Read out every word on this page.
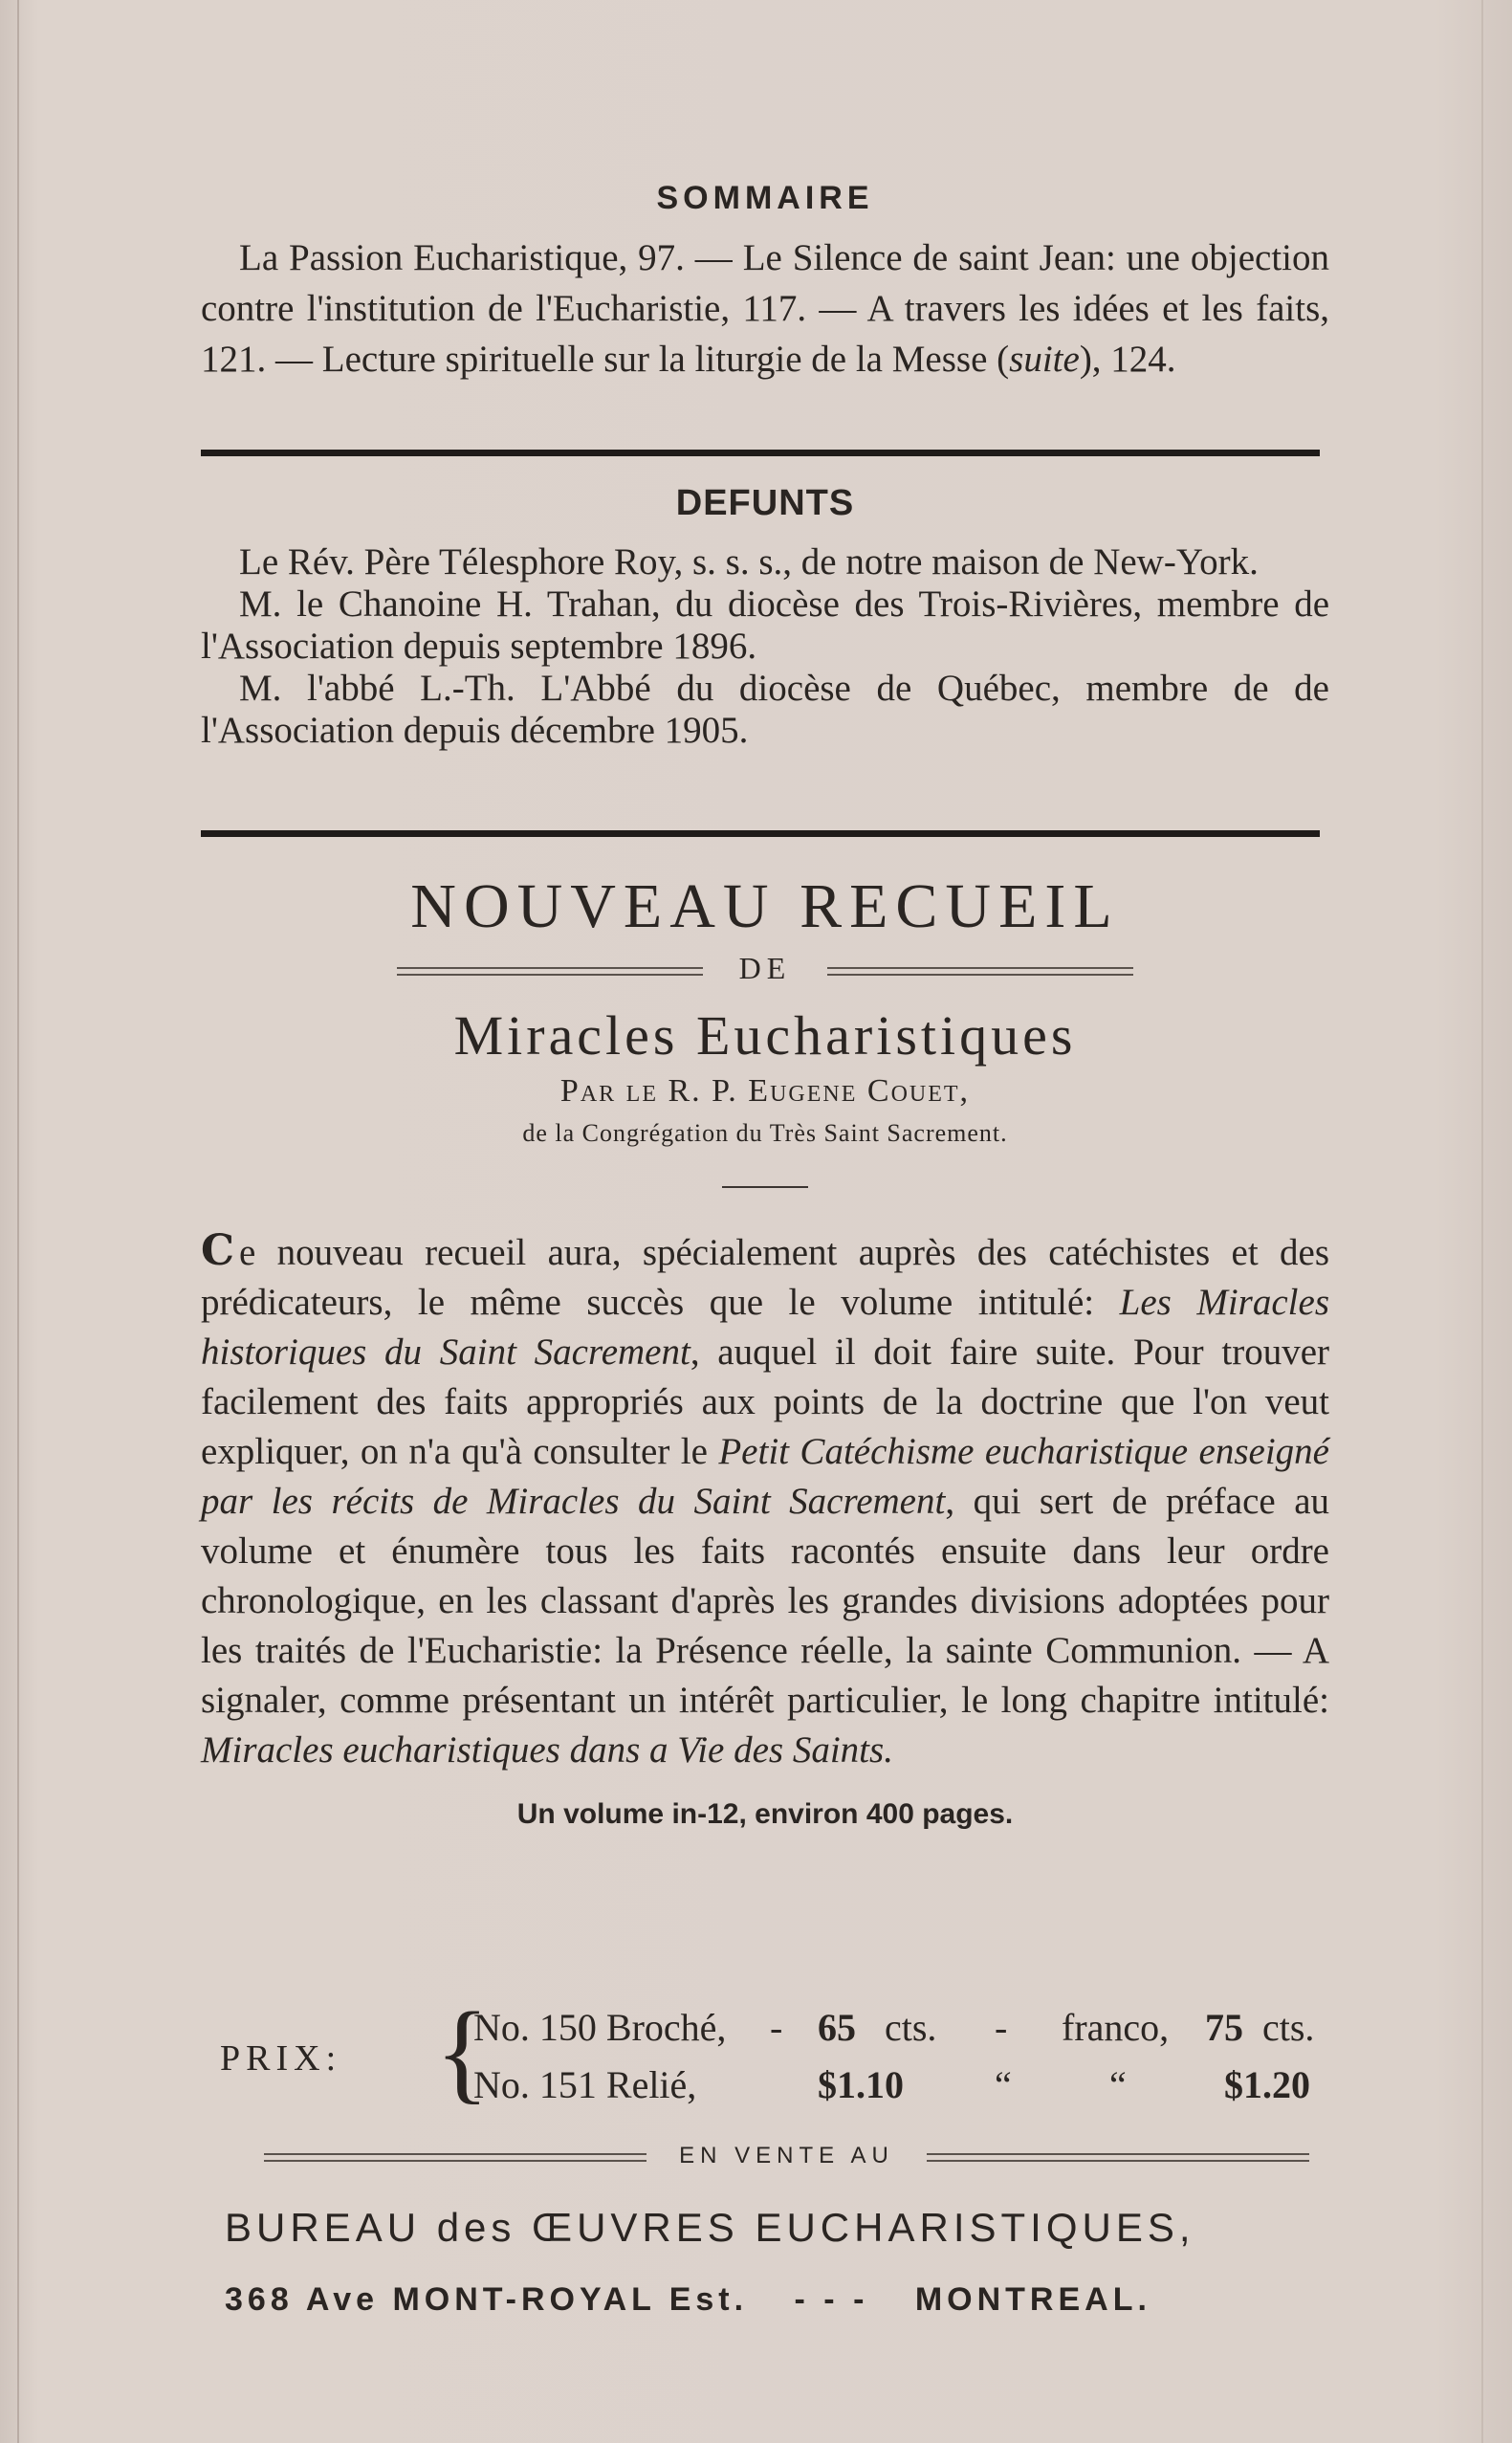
SOMMAIRE
La Passion Eucharistique, 97. — Le Silence de saint Jean: une objection contre l'institution de l'Eucharistie, 117. — A travers les idées et les faits, 121. — Lecture spirituelle sur la liturgie de la Messe (suite), 124.
DEFUNTS
Le Rév. Père Télesphore Roy, s. s. s., de notre maison de New-York.
M. le Chanoine H. Trahan, du diocèse des Trois-Rivières, membre de l'Association depuis septembre 1896.
M. l'abbé L.-Th. L'Abbé du diocèse de Québec, membre de de l'Association depuis décembre 1905.
NOUVEAU RECUEIL
DE
Miracles Eucharistiques
Par le R. P. Eugene Couet,
de la Congrégation du Très Saint Sacrement.
C e nouveau recueil aura, spécialement auprès des catéchistes et des prédicateurs, le même succès que le volume intitulé: Les Miracles historiques du Saint Sacrement, auquel il doit faire suite. Pour trouver facilement des faits appropriés aux points de la doctrine que l'on veut expliquer, on n'a qu'à consulter le Petit Catéchisme eucharistique enseigné par les récits de Miracles du Saint Sacrement, qui sert de préface au volume et énumère tous les faits racontés ensuite dans leur ordre chronologique, en les classant d'après les grandes divisions adoptées pour les traités de l'Eucharistie: la Présence réelle, la sainte Communion. — A signaler, comme présentant un intérêt particulier, le long chapitre intitulé: Miracles eucharistiques dans a Vie des Saints.
Un volume in-12, environ 400 pages.
PRIX: {
No. 150 Broché, - 65 cts. - franco, 75 cts.
No. 151 Relié,	$1.10 “	“	$1.20
EN VENTE AU
BUREAU des ŒUVRES EUCHARISTIQUES,
368 Ave MONT-ROYAL Est. - - - MONTREAL.
